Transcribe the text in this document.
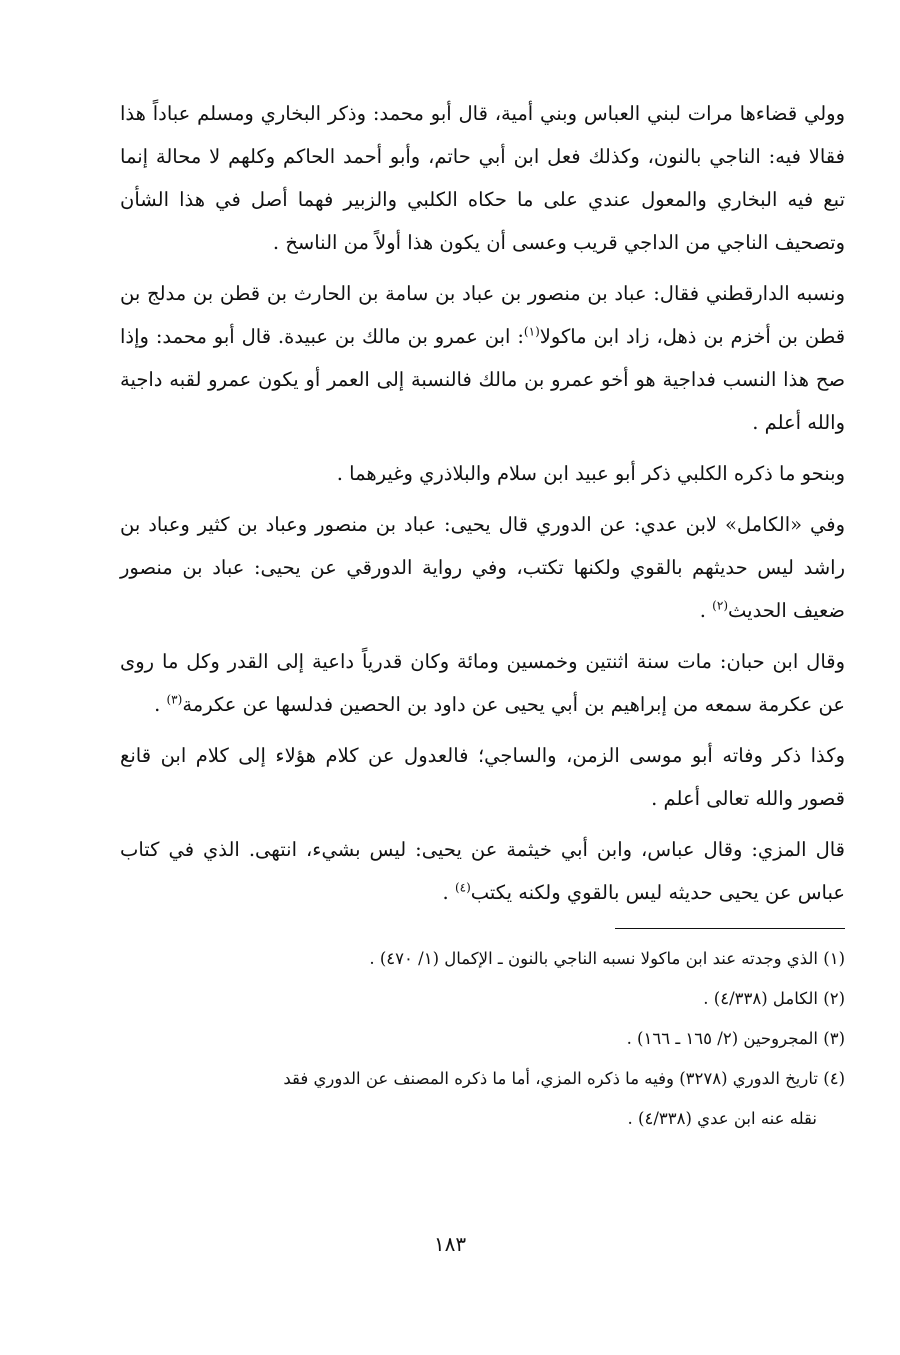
وولي قضاءها مرات لبني العباس وبني أمية، قال أبو محمد: وذكر البخاري ومسلم عباداً هذا فقالا فيه: الناجي بالنون، وكذلك فعل ابن أبي حاتم، وأبو أحمد الحاكم وكلهم لا محالة إنما تبع فيه البخاري والمعول عندي على ما حكاه الكلبي والزبير فهما أصل في هذا الشأن وتصحيف الناجي من الداجي قريب وعسى أن يكون هذا أولاً من الناسخ .

ونسبه الدارقطني فقال: عباد بن منصور بن عباد بن سامة بن الحارث بن قطن بن مدلج بن قطن بن أخزم بن ذهل، زاد ابن ماكولا$^{(١)}$: ابن عمرو بن مالك بن عبيدة. قال أبو محمد: وإذا صح هذا النسب فداجية هو أخو عمرو بن مالك فالنسبة إلى العمر أو يكون عمرو لقبه داجية والله أعلم .

وبنحو ما ذكره الكلبي ذكر أبو عبيد ابن سلام والبلاذري وغيرهما .

وفي «الكامل» لابن عدي: عن الدوري قال يحيى: عباد بن منصور وعباد بن كثير وعباد بن راشد ليس حديثهم بالقوي ولكنها تكتب، وفي رواية الدورقي عن يحيى: عباد بن منصور ضعيف الحديث$^{(٢)}$ .

وقال ابن حبان: مات سنة اثنتين وخمسين ومائة وكان قدرياً داعية إلى القدر وكل ما روى عن عكرمة سمعه من إبراهيم بن أبي يحيى عن داود بن الحصين فدلسها عن عكرمة$^{(٣)}$ .

وكذا ذكر وفاته أبو موسى الزمن، والساجي؛ فالعدول عن كلام هؤلاء إلى كلام ابن قانع قصور والله تعالى أعلم .

قال المزي: وقال عباس، وابن أبي خيثمة عن يحيى: ليس بشيء، انتهى. الذي في كتاب عباس عن يحيى حديثه ليس بالقوي ولكنه يكتب$^{(٤)}$ .

(١) الذي وجدته عند ابن ماكولا نسبه الناجي بالنون ـ الإكمال (١/ ٤٧٠) .

(٢) الكامل (٤/٣٣٨) .

(٣) المجروحين (٢/ ١٦٥ ـ ١٦٦) .

(٤) تاريخ الدوري (٣٢٧٨) وفيه ما ذكره المزي، أما ما ذكره المصنف عن الدوري فقد

نقله عنه ابن عدي (٤/٣٣٨) .

١٨٣
